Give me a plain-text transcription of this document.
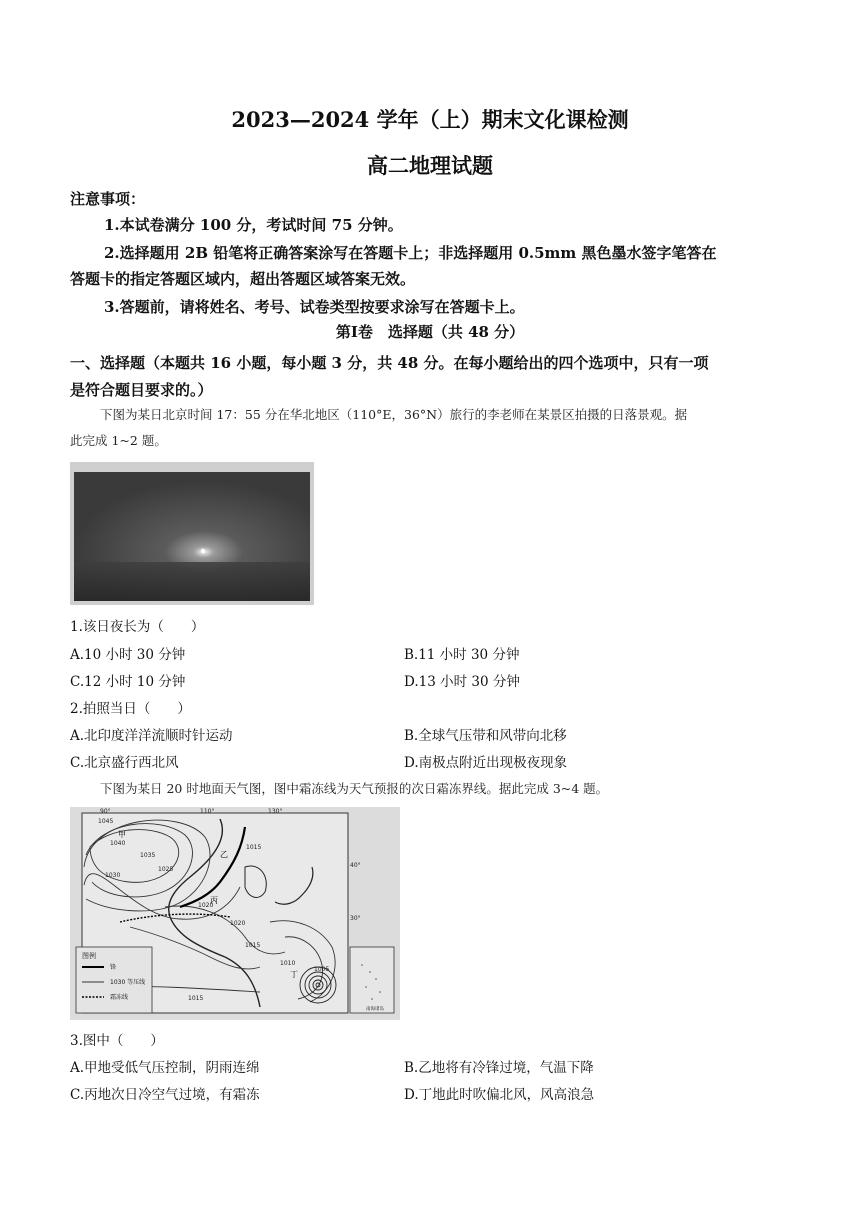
2023—2024 学年（上）期末文化课检测
高二地理试题
注意事项：
1.本试卷满分 100 分，考试时间 75 分钟。
2.选择题用 2B 铅笔将正确答案涂写在答题卡上；非选择题用 0.5mm 黑色墨水签字笔答在
答题卡的指定答题区域内，超出答题区域答案无效。
3.答题前，请将姓名、考号、试卷类型按要求涂写在答题卡上。
第Ⅰ卷　选择题（共 48 分）
一、选择题（本题共 16 小题，每小题 3 分，共 48 分。在每小题给出的四个选项中，只有一项
是符合题目要求的。）
下图为某日北京时间 17：55 分在华北地区（110°E，36°N）旅行的李老师在某景区拍摄的日落景观。据
此完成 1~2 题。
1.该日夜长为（　　）
A.10 小时 30 分钟	B.11 小时 30 分钟
C.12 小时 10 分钟	D.13 小时 30 分钟
2.拍照当日（　　）
A.北印度洋洋流顺时针运动	B.全球气压带和风带向北移
C.北京盛行西北风	D.南极点附近出现极夜现象
下图为某日 20 时地面天气图，图中霜冻线为天气预报的次日霜冻界线。据此完成 3~4 题。
90°	110°	130°
40°
30°
1045
1040
1035
1030
1025
1020
1015
1020
1015
1010
1005
1015
甲
乙
丙
丁
图例
锋
1030 等压线
霜冻线
南海诸岛
3.图中（　　）
A.甲地受低气压控制，阴雨连绵	B.乙地将有冷锋过境，气温下降
C.丙地次日冷空气过境，有霜冻	D.丁地此时吹偏北风，风高浪急
